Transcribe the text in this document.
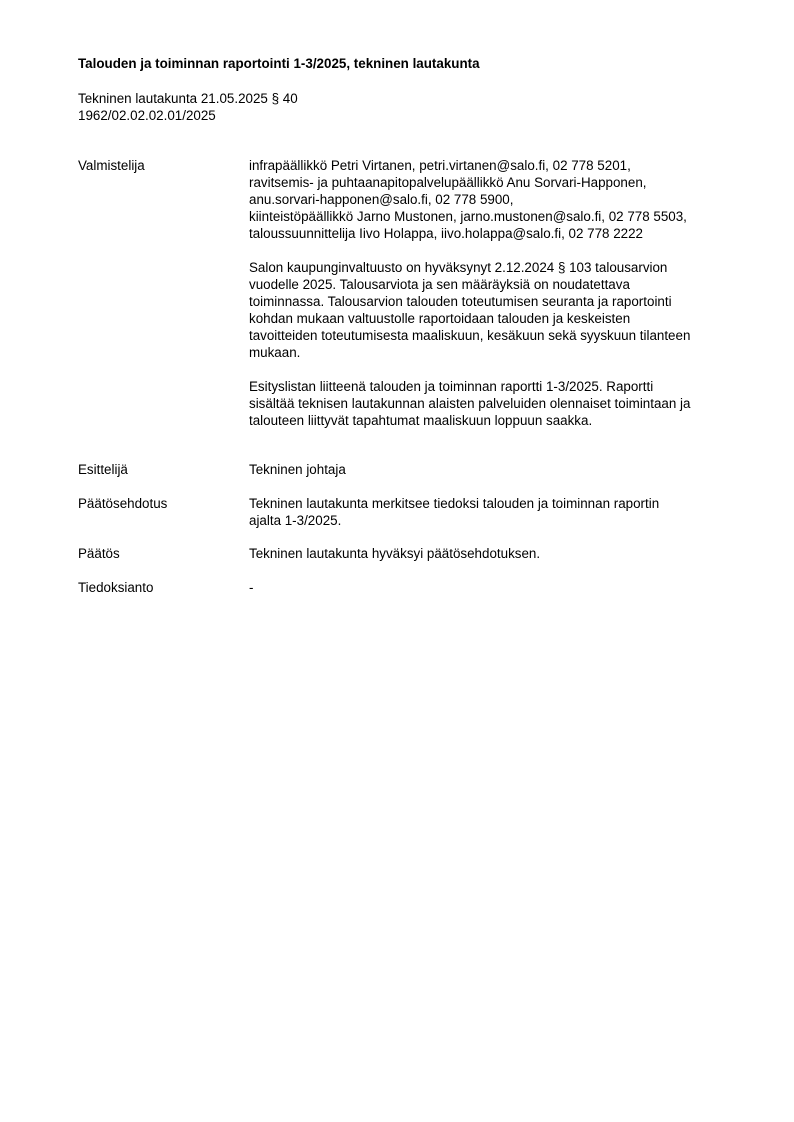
Talouden ja toiminnan raportointi 1-3/2025, tekninen lautakunta
Tekninen lautakunta 21.05.2025 § 40
1962/02.02.02.01/2025
Valmistelija	infrapäällikkö Petri Virtanen, petri.virtanen@salo.fi, 02 778 5201,
ravitsemis- ja puhtaanapitopalvelupäällikkö Anu Sorvari-Happonen,
anu.sorvari-happonen@salo.fi, 02 778 5900,
kiinteistöpäällikkö Jarno Mustonen, jarno.mustonen@salo.fi, 02 778 5503,
taloussuunnittelija Iivo Holappa, iivo.holappa@salo.fi, 02 778 2222

Salon kaupunginvaltuusto on hyväksynyt 2.12.2024 § 103 talousarvion
vuodelle 2025. Talousarviota ja sen määräyksiä on noudatettava
toiminnassa. Talousarvion talouden toteutumisen seuranta ja raportointi
kohdan mukaan valtuustolle raportoidaan talouden ja keskeisten
tavoitteiden toteutumisesta maaliskuun, kesäkuun sekä syyskuun tilanteen
mukaan.

Esityslistan liitteenä talouden ja toiminnan raportti 1-3/2025. Raportti
sisältää teknisen lautakunnan alaisten palveluiden olennaiset toimintaan ja
talouteen liittyvät tapahtumat maaliskuun loppuun saakka.

Esittelijä	Tekninen johtaja
Päätösehdotus	Tekninen lautakunta merkitsee tiedoksi talouden ja toiminnan raportin
ajalta 1-3/2025.
Päätös	Tekninen lautakunta hyväksyi päätösehdotuksen.
Tiedoksianto	-
